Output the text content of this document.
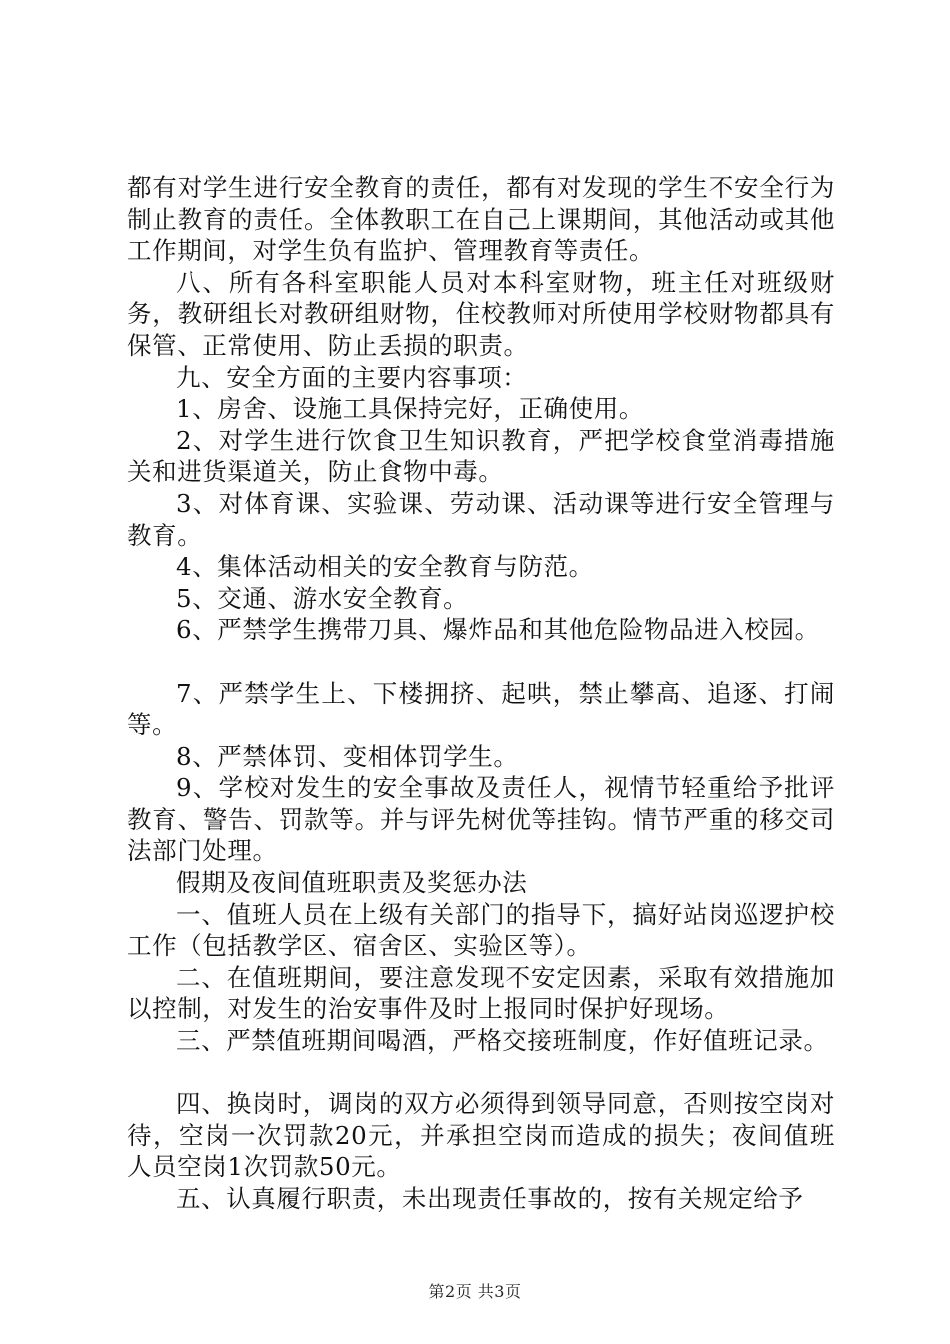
都有对学生进行安全教育的责任，都有对发现的学生不安全行为制止教育的责任。全体教职工在自己上课期间，其他活动或其他工作期间，对学生负有监护、管理教育等责任。

八、所有各科室职能人员对本科室财物，班主任对班级财务，教研组长对教研组财物，住校教师对所使用学校财物都具有保管、正常使用、防止丢损的职责。

九、安全方面的主要内容事项：

1、房舍、设施工具保持完好，正确使用。

2、对学生进行饮食卫生知识教育，严把学校食堂消毒措施关和进货渠道关，防止食物中毒。

3、对体育课、实验课、劳动课、活动课等进行安全管理与教育。

4、集体活动相关的安全教育与防范。

5、交通、游水安全教育。

6、严禁学生携带刀具、爆炸品和其他危险物品进入校园。

7、严禁学生上、下楼拥挤、起哄，禁止攀高、追逐、打闹等。

8、严禁体罚、变相体罚学生。

9、学校对发生的安全事故及责任人，视情节轻重给予批评教育、警告、罚款等。并与评先树优等挂钩。情节严重的移交司法部门处理。

假期及夜间值班职责及奖惩办法

一、值班人员在上级有关部门的指导下，搞好站岗巡逻护校工作（包括教学区、宿舍区、实验区等）。

二、在值班期间，要注意发现不安定因素，采取有效措施加以控制，对发生的治安事件及时上报同时保护好现场。

三、严禁值班期间喝酒，严格交接班制度，作好值班记录。

四、换岗时，调岗的双方必须得到领导同意，否则按空岗对待，空岗一次罚款20元，并承担空岗而造成的损失；夜间值班人员空岗1次罚款50元。

五、认真履行职责，未出现责任事故的，按有关规定给予

第2页 共3页
